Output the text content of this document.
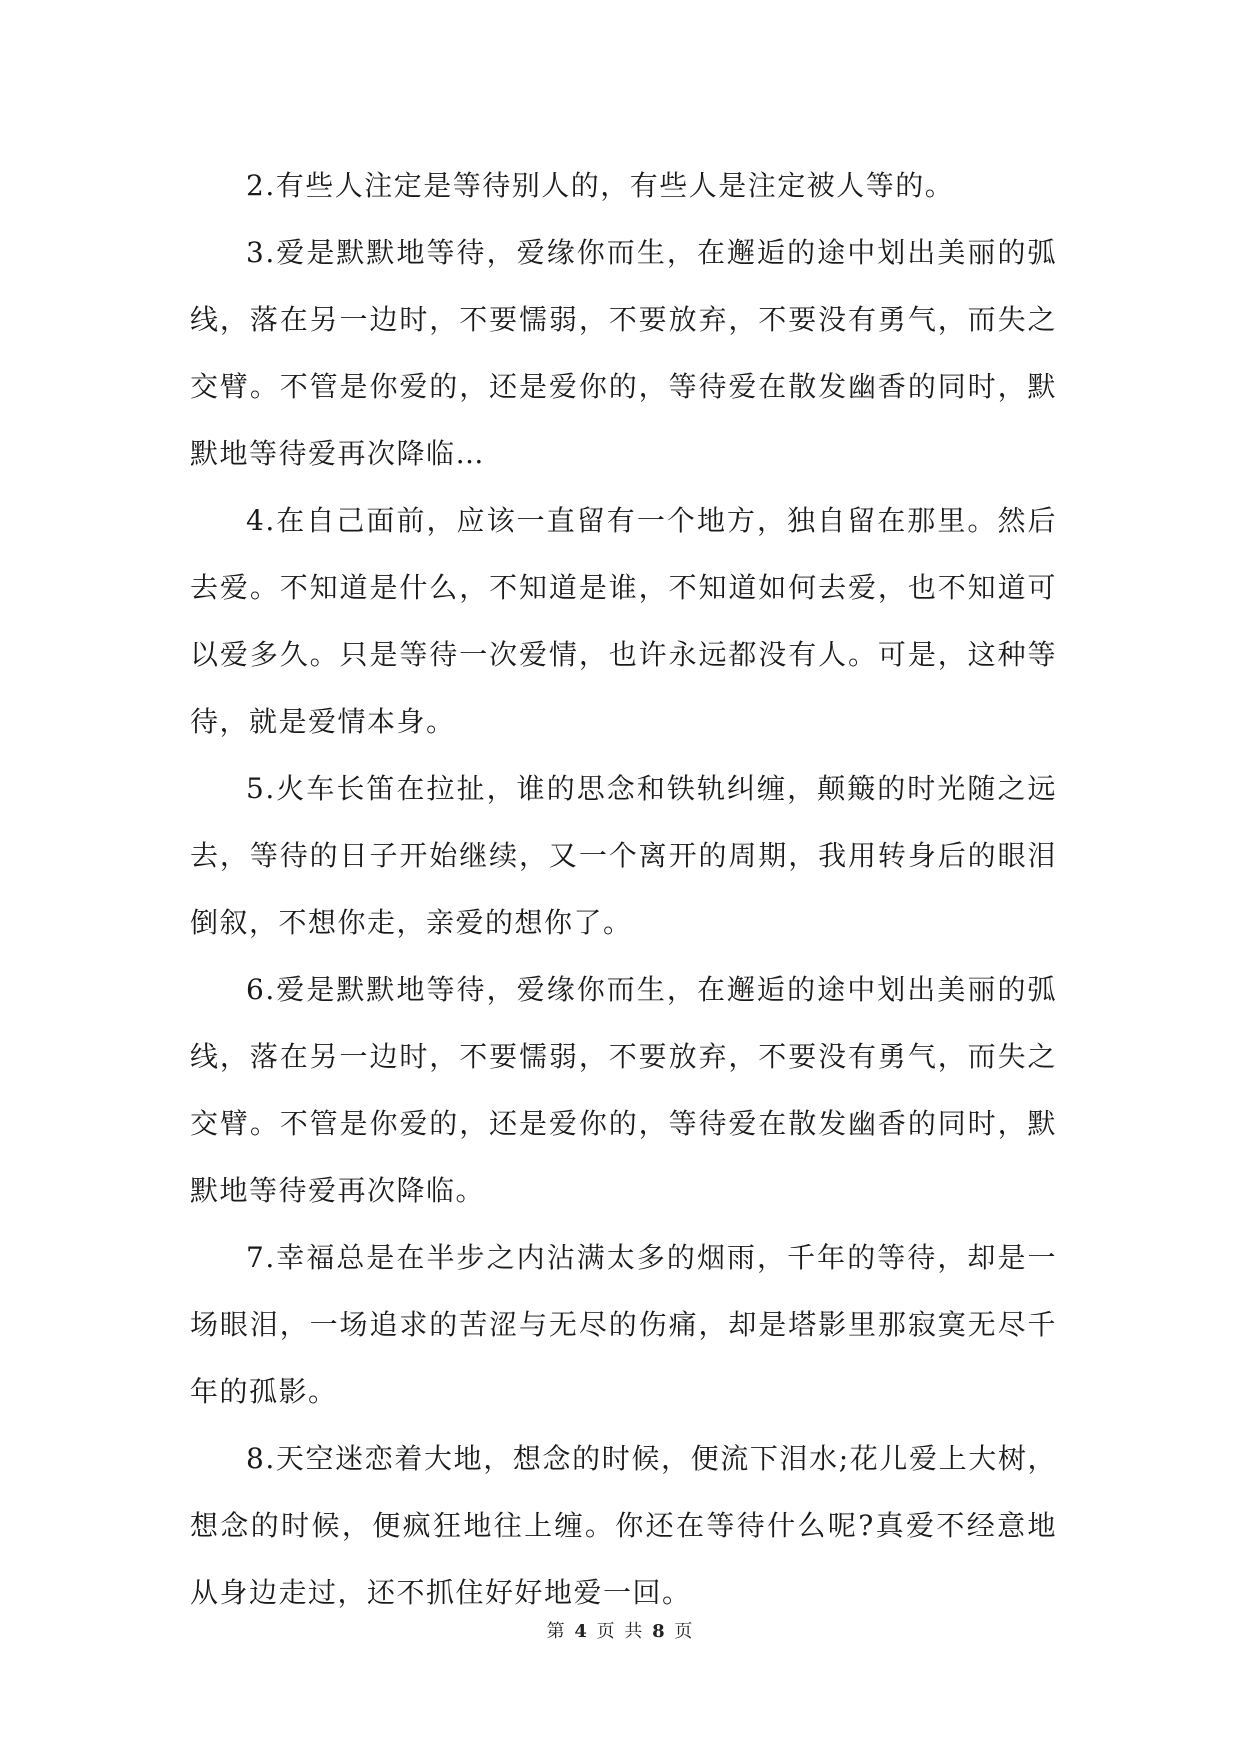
2.有些人注定是等待别人的，有些人是注定被人等的。

3.爱是默默地等待，爱缘你而生，在邂逅的途中划出美丽的弧线，落在另一边时，不要懦弱，不要放弃，不要没有勇气，而失之交臂。不管是你爱的，还是爱你的，等待爱在散发幽香的同时，默默地等待爱再次降临…

4.在自己面前，应该一直留有一个地方，独自留在那里。然后去爱。不知道是什么，不知道是谁，不知道如何去爱，也不知道可以爱多久。只是等待一次爱情，也许永远都没有人。可是，这种等待，就是爱情本身。

5.火车长笛在拉扯，谁的思念和铁轨纠缠，颠簸的时光随之远去，等待的日子开始继续，又一个离开的周期，我用转身后的眼泪倒叙，不想你走，亲爱的想你了。

6.爱是默默地等待，爱缘你而生，在邂逅的途中划出美丽的弧线，落在另一边时，不要懦弱，不要放弃，不要没有勇气，而失之交臂。不管是你爱的，还是爱你的，等待爱在散发幽香的同时，默默地等待爱再次降临。

7.幸福总是在半步之内沾满太多的烟雨，千年的等待，却是一场眼泪，一场追求的苦涩与无尽的伤痛，却是塔影里那寂寞无尽千年的孤影。

8.天空迷恋着大地，想念的时候，便流下泪水;花儿爱上大树，想念的时候，便疯狂地往上缠。你还在等待什么呢?真爱不经意地从身边走过，还不抓住好好地爱一回。

第 4 页 共 8 页
